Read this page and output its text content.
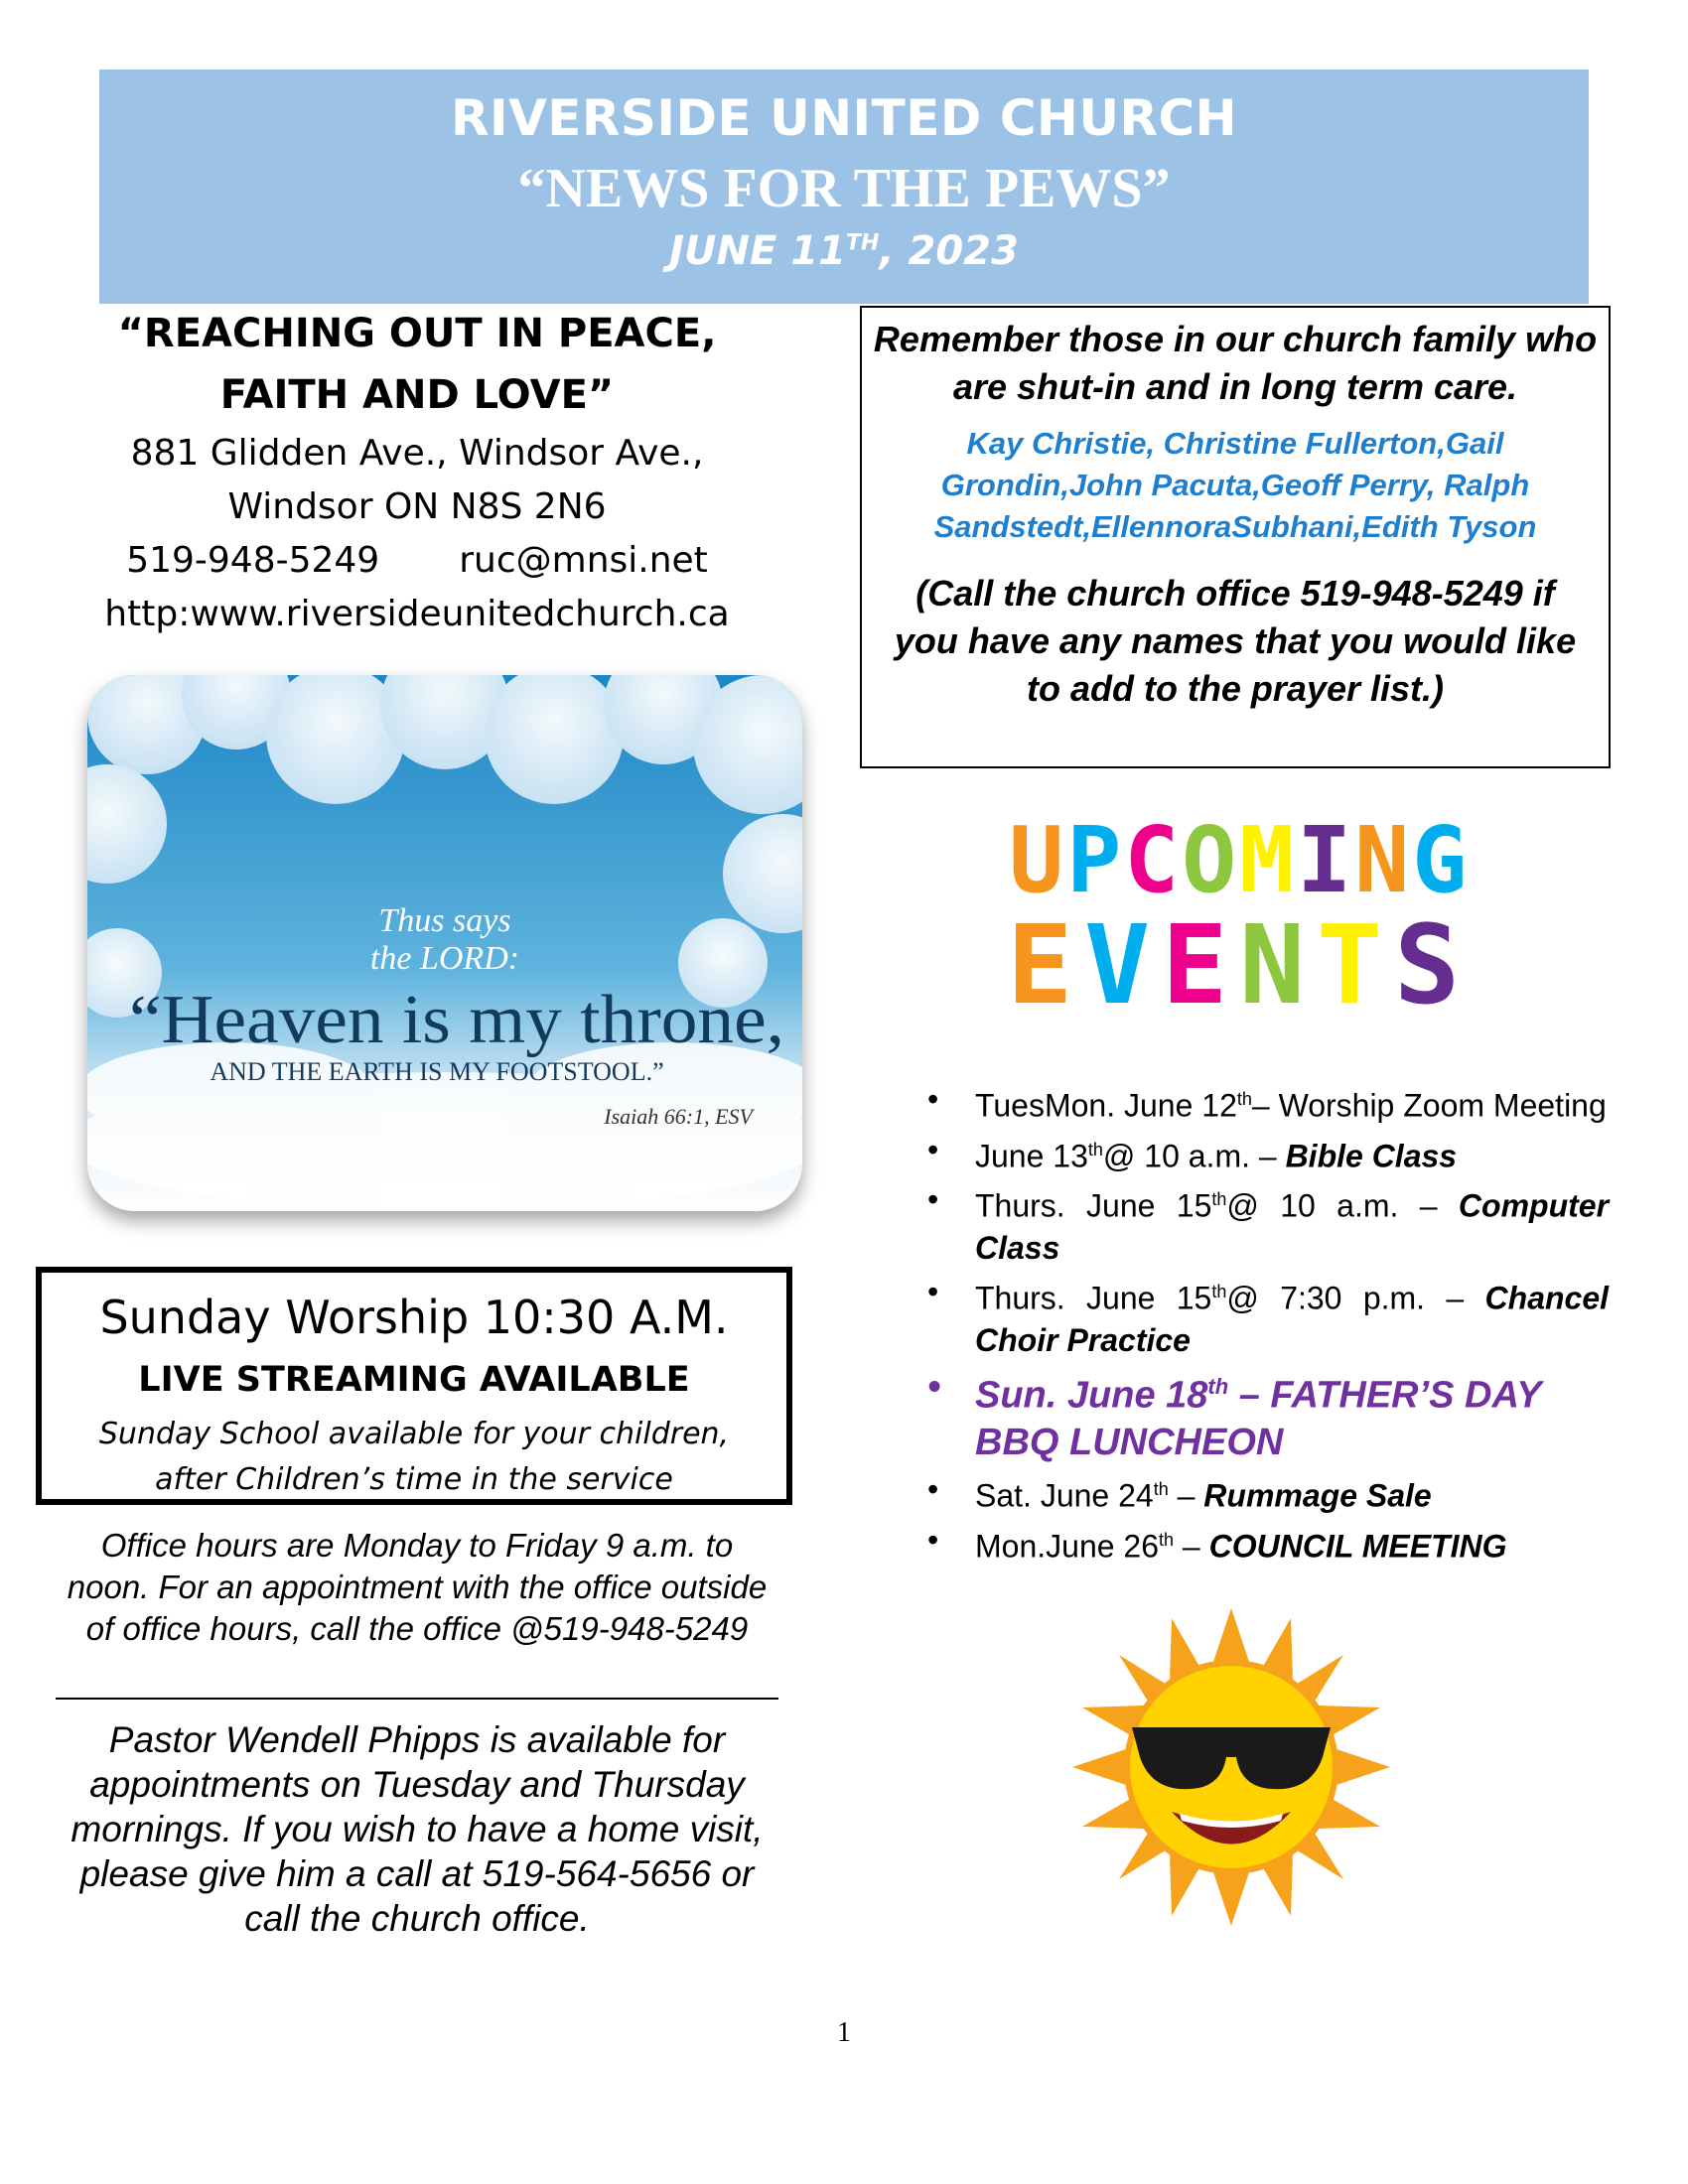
RIVERSIDE UNITED CHURCH
“NEWS FOR THE PEWS”
JUNE 11TH, 2023
“REACHING OUT IN PEACE, FAITH AND LOVE”
881 Glidden Ave., Windsor Ave.,
Windsor ON N8S 2N6
519-948-5249 ruc@mnsi.net
http:www.riversideunitedchurch.ca
Thus says
the LORD:
“Heaven is my throne,
AND THE EARTH IS MY FOOTSTOOL.”
Isaiah 66:1, ESV
Sunday Worship 10:30 A.M.
LIVE STREAMING AVAILABLE
Sunday School available for your children,
after Children’s time in the service
Office hours are Monday to Friday 9 a.m. to noon. For an appointment with the office outside of office hours, call the office @519-948-5249
Pastor Wendell Phipps is available for appointments on Tuesday and Thursday mornings. If you wish to have a home visit, please give him a call at 519-564-5656 or call the church office.
Remember those in our church family who are shut-in and in long term care.
Kay Christie, Christine Fullerton,Gail Grondin,John Pacuta,Geoff Perry, Ralph Sandstedt,EllennoraSubhani,Edith Tyson
(Call the church office 519-948-5249 if you have any names that you would like to add to the prayer list.)
U P C O M I N G
E V E N T S
• TuesMon. June 12th– Worship Zoom Meeting
• June 13th@ 10 a.m. – Bible Class
• Thurs. June 15th@ 10 a.m. – Computer Class
• Thurs. June 15th@ 7:30 p.m. – Chancel Choir Practice
• Sun. June 18th – FATHER’S DAY BBQ LUNCHEON
• Sat. June 24th – Rummage Sale
• Mon.June 26th – COUNCIL MEETING
1
